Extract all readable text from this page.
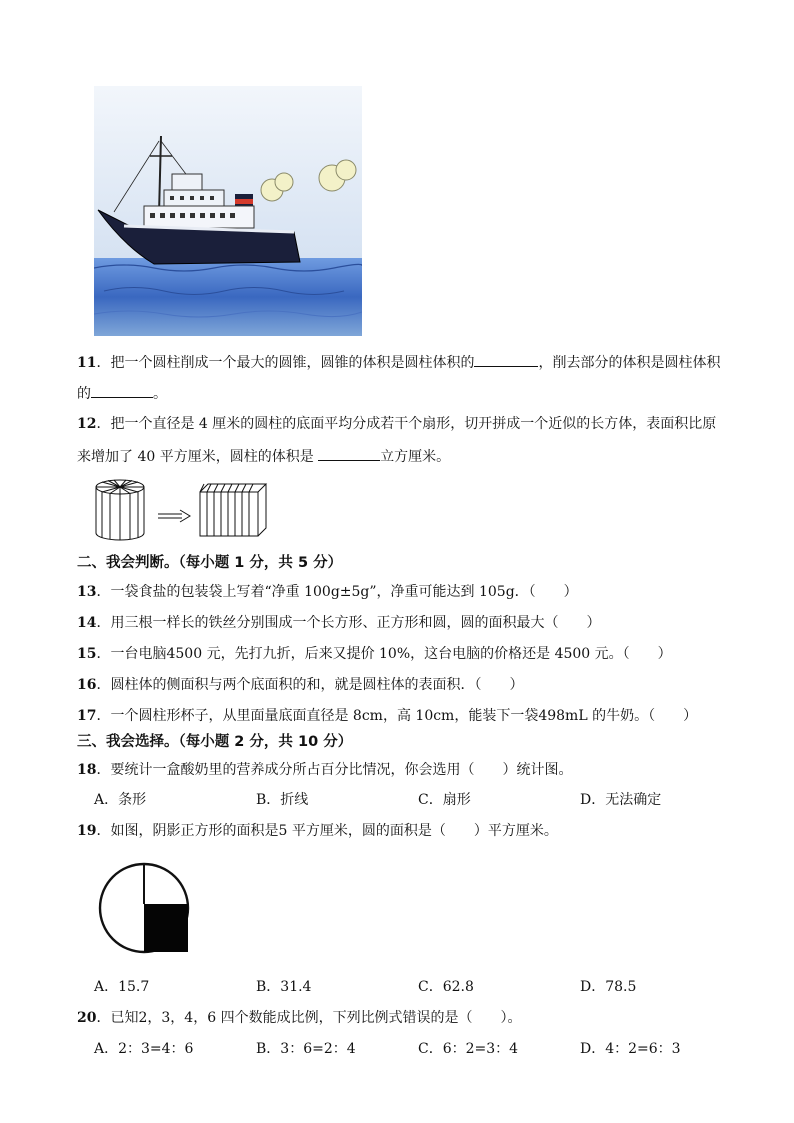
11．把一个圆柱削成一个最大的圆锥，圆锥的体积是圆柱体积的	，削去部分的体积是圆柱体积
的	。
12．把一个直径是 4 厘米的圆柱的底面平均分成若干个扇形，切开拼成一个近似的长方体，表面积比原
来增加了 40 平方厘米，圆柱的体积是	立方厘米。
二、我会判断。（每小题 1 分，共 5 分）
13．一袋食盐的包装袋上写着“净重 100g±5g”，净重可能达到 105g．（　　）
14．用三根一样长的铁丝分别围成一个长方形、正方形和圆，圆的面积最大（　　）
15．一台电脑4500 元，先打九折，后来又提价 10%，这台电脑的价格还是 4500 元。（　　）
16．圆柱体的侧面积与两个底面积的和，就是圆柱体的表面积．（　　）
17．一个圆柱形杯子，从里面量底面直径是 8cm，高 10cm，能装下一袋498mL 的牛奶。（　　）
三、我会选择。（每小题 2 分，共 10 分）
18．要统计一盒酸奶里的营养成分所占百分比情况，你会选用（　　）统计图。
A．条形	B．折线	C．扇形	D．无法确定
19．如图，阴影正方形的面积是5 平方厘米，圆的面积是（　　）平方厘米。
A．15.7	B．31.4	C．62.8	D．78.5
20．已知2，3，4，6 四个数能成比例，下列比例式错误的是（　　）。
A．2：3=4：6	B．3：6=2：4	C．6：2=3：4	D．4：2=6：3
